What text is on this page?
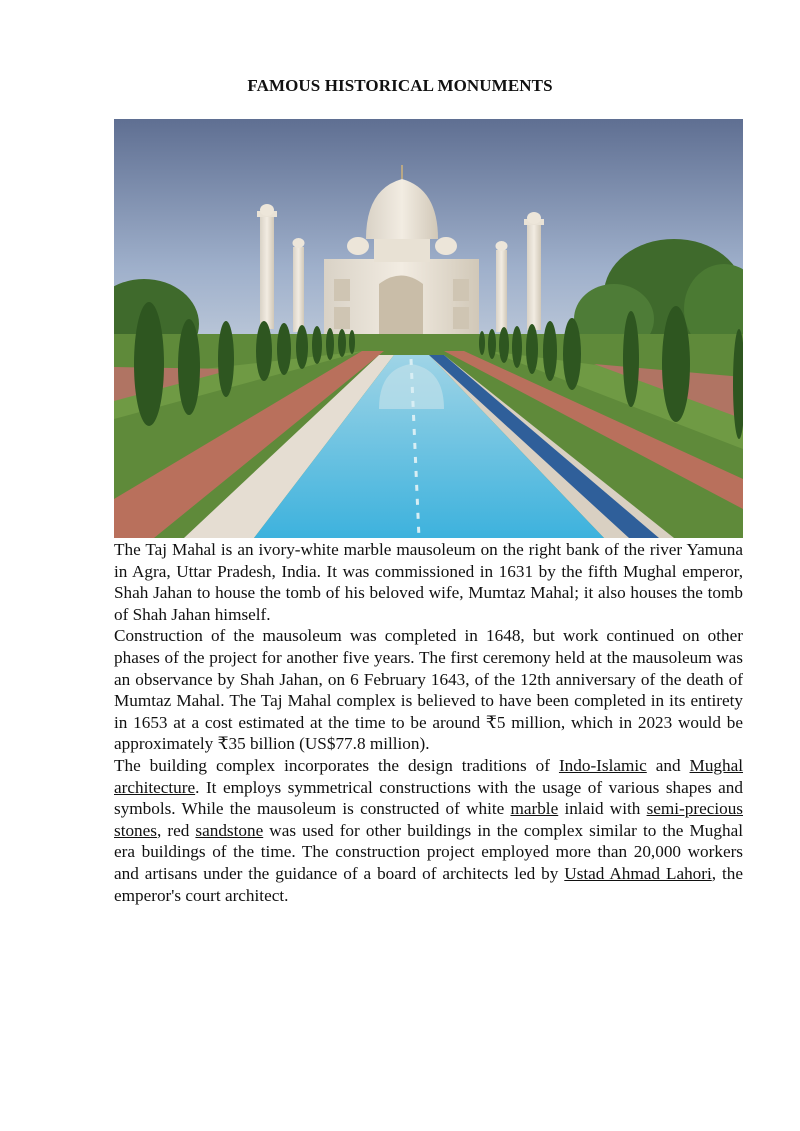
FAMOUS HISTORICAL MONUMENTS

The Taj Mahal is an ivory-white marble mausoleum on the right bank of the river Yamuna in Agra, Uttar Pradesh, India. It was commissioned in 1631 by the fifth Mughal emperor, Shah Jahan to house the tomb of his beloved wife, Mumtaz Mahal; it also houses the tomb of Shah Jahan himself.

Construction of the mausoleum was completed in 1648, but work continued on other phases of the project for another five years. The first ceremony held at the mausoleum was an observance by Shah Jahan, on 6 February 1643, of the 12th anniversary of the death of Mumtaz Mahal. The Taj Mahal complex is believed to have been completed in its entirety in 1653 at a cost estimated at the time to be around ₹5 million, which in 2023 would be approximately ₹35 billion (US$77.8 million).

The building complex incorporates the design traditions of Indo-Islamic and Mughal architecture. It employs symmetrical constructions with the usage of various shapes and symbols. While the mausoleum is constructed of white marble inlaid with semi-precious stones, red sandstone was used for other buildings in the complex similar to the Mughal era buildings of the time. The construction project employed more than 20,000 workers and artisans under the guidance of a board of architects led by Ustad Ahmad Lahori, the emperor's court architect.
